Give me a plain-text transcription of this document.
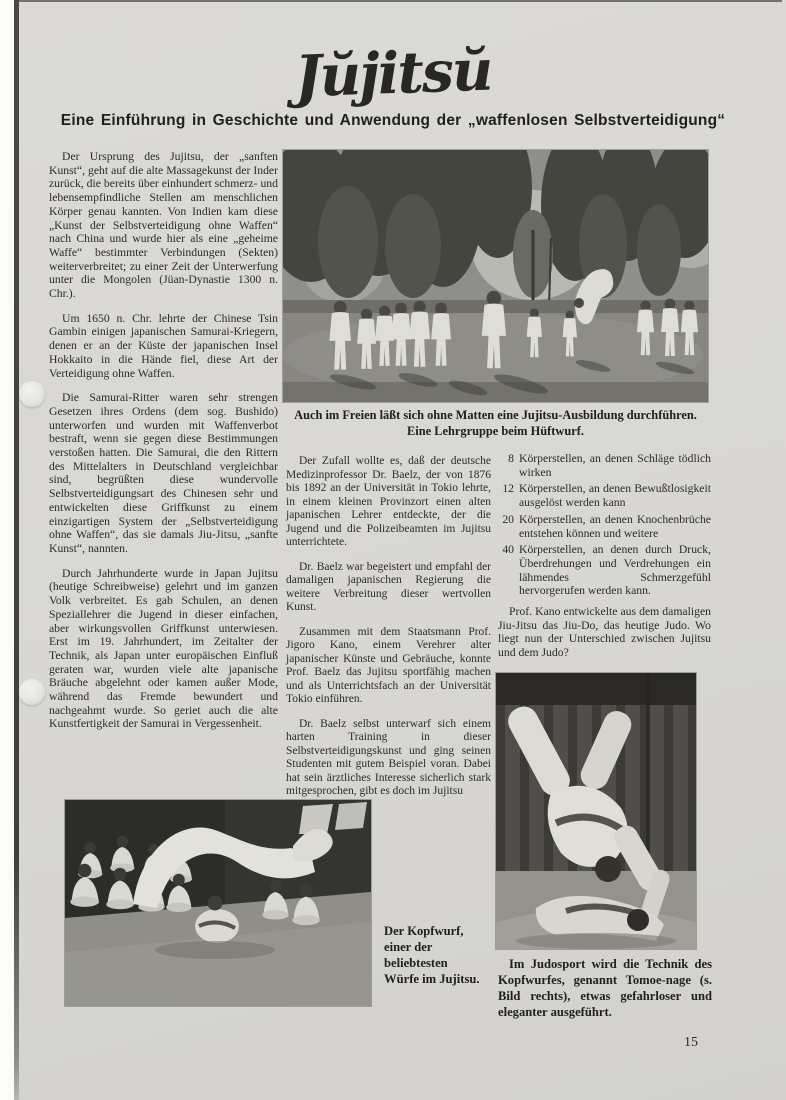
Jŭjitsŭ
Eine Einführung in Geschichte und Anwendung der „waffenlosen Selbstverteidigung“

Der Ursprung des Jujitsu, der „sanften Kunst“, geht auf die alte Massagekunst der Inder zurück, die bereits über einhundert schmerz- und lebensempfindliche Stellen am menschlichen Körper genau kannten. Von Indien kam diese „Kunst der Selbstverteidigung ohne Waffen“ nach China und wurde hier als eine „geheime Waffe“ bestimmter Verbindungen (Sekten) weiterverbreitet; zu einer Zeit der Unterwerfung unter die Mongolen (Jüan-Dynastie 1300 n. Chr.).

Um 1650 n. Chr. lehrte der Chinese Tsin Gambin einigen japanischen Samurai-Kriegern, denen er an der Küste der japanischen Insel Hokkaito in die Hände fiel, diese Art der Verteidigung ohne Waffen.

Die Samurai-Ritter waren sehr strengen Gesetzen ihres Ordens (dem sog. Bushido) unterworfen und wurden mit Waffenverbot bestraft, wenn sie gegen diese Bestimmungen verstoßen hatten. Die Samurai, die den Rittern des Mittelalters in Deutschland vergleichbar sind, begrüßten diese wundervolle Selbstverteidigungsart des Chinesen sehr und entwickelten diese Griffkunst zu einem einzigartigen System der „Selbstverteidigung ohne Waffen“, das sie damals Jiu-Jitsu, „sanfte Kunst“, nannten.

Durch Jahrhunderte wurde in Japan Jujitsu (heutige Schreibweise) gelehrt und im ganzen Volk verbreitet. Es gab Schulen, an denen Speziallehrer die Jugend in dieser einfachen, aber wirkungsvollen Griffkunst unterwiesen. Erst im 19. Jahrhundert, im Zeitalter der Technik, als Japan unter europäischen Einfluß geraten war, wurden viele alte japanische Bräuche abgelehnt oder kamen außer Mode, während das Fremde bewundert und nachgeahmt wurde. So geriet auch die alte Kunstfertigkeit der Samurai in Vergessenheit.

Auch im Freien läßt sich ohne Matten eine Jujitsu-Ausbildung durchführen.
Eine Lehrgruppe beim Hüftwurf.

Der Zufall wollte es, daß der deutsche Medizinprofessor Dr. Baelz, der von 1876 bis 1892 an der Universität in Tokio lehrte, in einem kleinen Provinzort einen alten japanischen Lehrer entdeckte, der die Jugend und die Polizeibeamten im Jujitsu unterrichtete.

Dr. Baelz war begeistert und empfahl der damaligen japanischen Regierung die weitere Verbreitung dieser wertvollen Kunst.

Zusammen mit dem Staatsmann Prof. Jigoro Kano, einem Verehrer alter japanischer Künste und Gebräuche, konnte Prof. Baelz das Jujitsu sportfähig machen und als Unterrichtsfach an der Universität Tokio einführen.

Dr. Baelz selbst unterwarf sich einem harten Training in dieser Selbstverteidigungskunst und ging seinen Studenten mit gutem Beispiel voran. Dabei hat sein ärztliches Interesse sicherlich stark mitgesprochen, gibt es doch im Jujitsu

8 Körperstellen, an denen Schläge tödlich wirken
12 Körperstellen, an denen Bewußtlosigkeit ausgelöst werden kann
20 Körperstellen, an denen Knochenbrüche entstehen können und weitere
40 Körperstellen, an denen durch Druck, Überdrehungen und Verdrehungen ein lähmendes Schmerzgefühl hervorgerufen werden kann.

Prof. Kano entwickelte aus dem damaligen Jiu-Jitsu das Jiu-Do, das heutige Judo. Wo liegt nun der Unterschied zwischen Jujitsu und dem Judo?

Im Judosport wird die Technik des Kopfwurfes, genannt Tomoe-nage (s. Bild rechts), etwas gefahrloser und eleganter ausgeführt.
Der Kopfwurf, einer der beliebtesten Würfe im Jujitsu.
15
